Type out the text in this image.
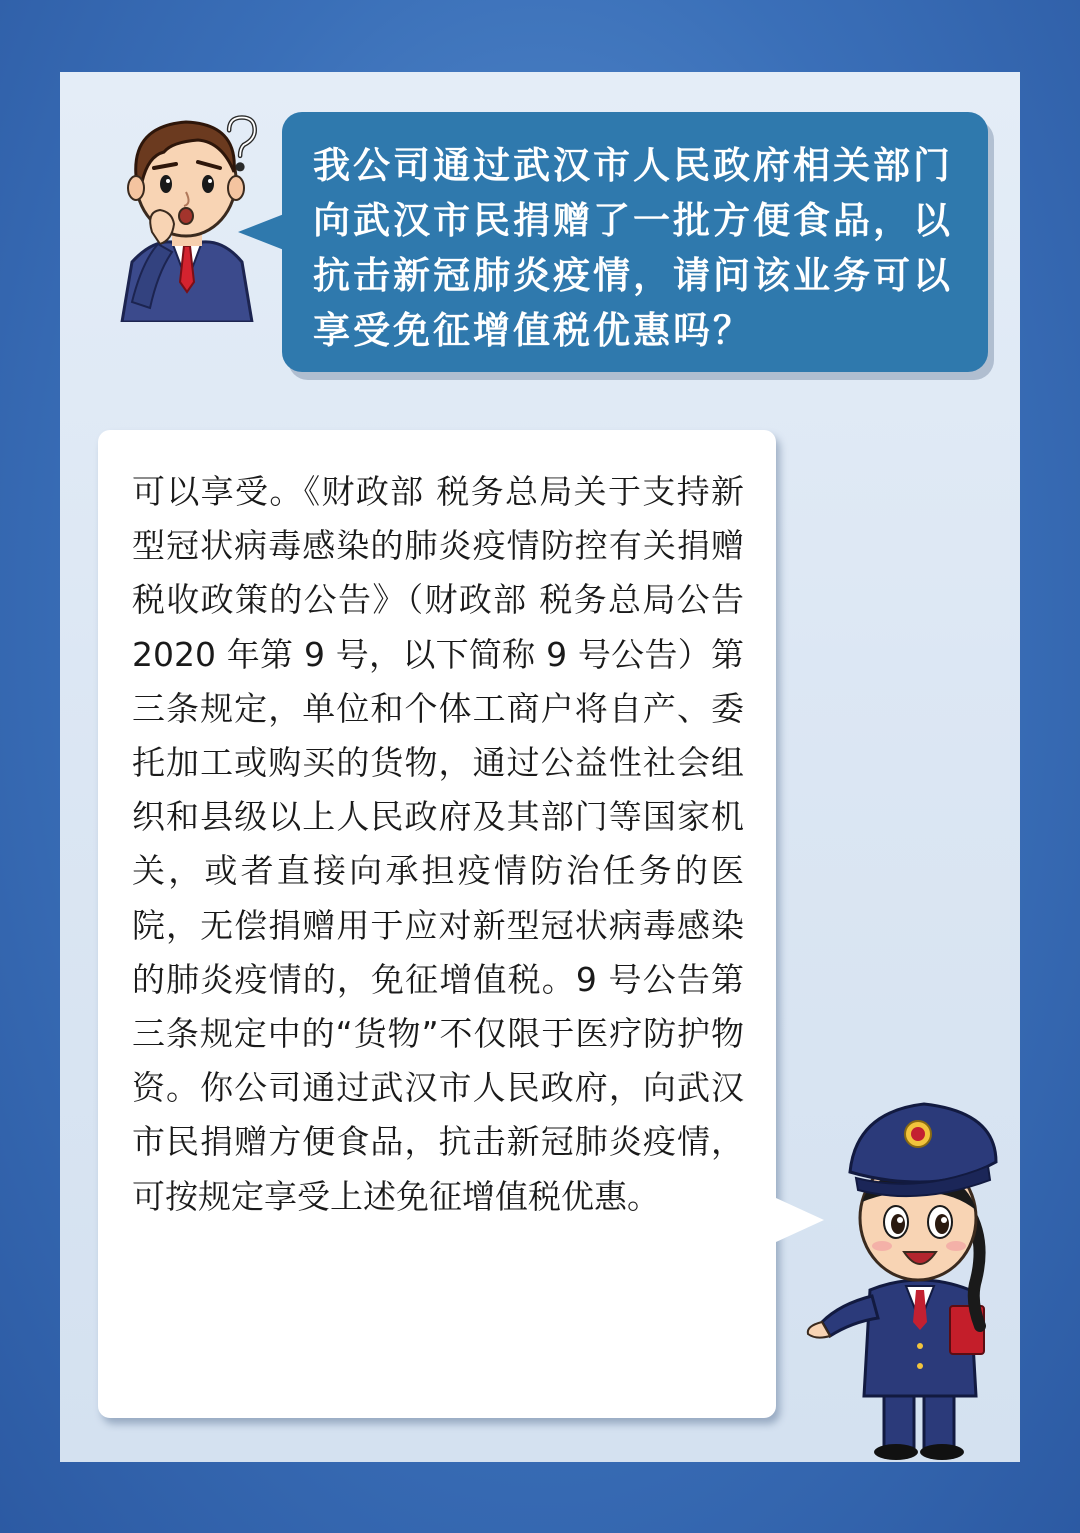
我公司通过武汉市人民政府相关部门向武汉市民捐赠了一批方便食品，以抗击新冠肺炎疫情，请问该业务可以享受免征增值税优惠吗？

可以享受。《财政部 税务总局关于支持新型冠状病毒感染的肺炎疫情防控有关捐赠税收政策的公告》（财政部 税务总局公告 2020 年第 9 号，以下简称 9 号公告）第三条规定，单位和个体工商户将自产、委托加工或购买的货物，通过公益性社会组织和县级以上人民政府及其部门等国家机关，或者直接向承担疫情防治任务的医院，无偿捐赠用于应对新型冠状病毒感染的肺炎疫情的，免征增值税。9 号公告第三条规定中的“货物”不仅限于医疗防护物资。你公司通过武汉市人民政府，向武汉市民捐赠方便食品，抗击新冠肺炎疫情，可按规定享受上述免征增值税优惠。
